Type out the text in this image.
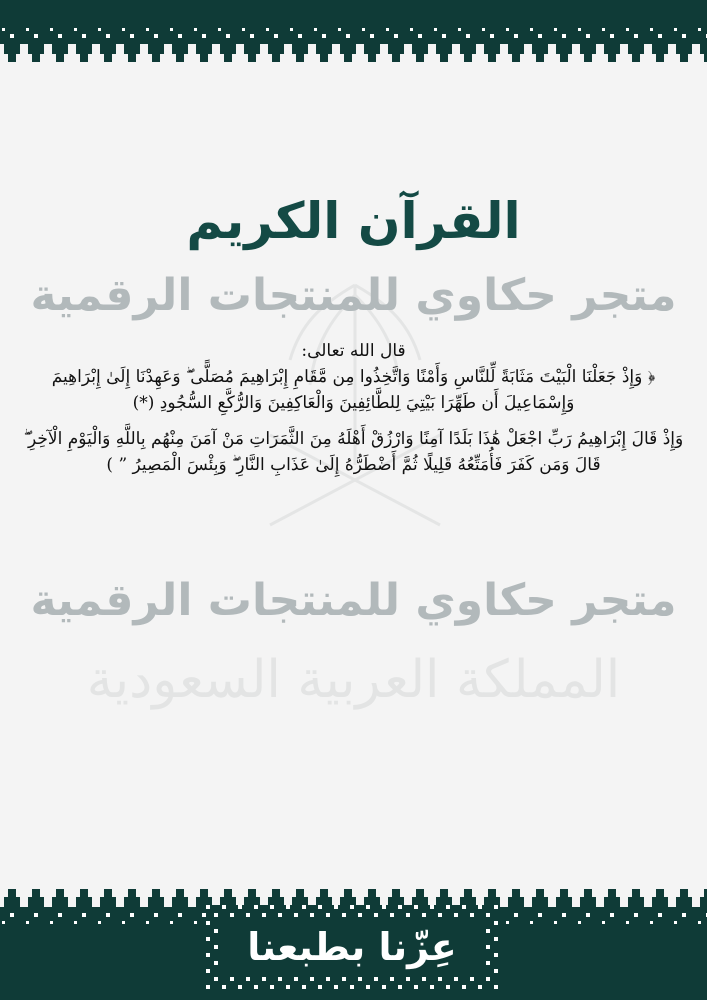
القرآن الكريم
متجر حكاوي للمنتجات الرقمية
متجر حكاوي للمنتجات الرقمية
المملكة العربية السعودية

قال الله تعالى:

﴿ وَإِذْ جَعَلْنَا الْبَيْتَ مَثَابَةً لِّلنَّاسِ وَأَمْنًا وَاتَّخِذُوا مِن مَّقَامِ إِبْرَاهِيمَ مُصَلًّى ۖ وَعَهِدْنَا إِلَىٰ إِبْرَاهِيمَ وَإِسْمَاعِيلَ أَن طَهِّرَا بَيْتِيَ لِلطَّائِفِينَ وَالْعَاكِفِينَ وَالرُّكَّعِ السُّجُودِ (*)

وَإِذْ قَالَ إِبْرَاهِيمُ رَبِّ اجْعَلْ هَٰذَا بَلَدًا آمِنًا وَارْزُقْ أَهْلَهُ مِنَ الثَّمَرَاتِ مَنْ آمَنَ مِنْهُم بِاللَّهِ وَالْيَوْمِ الْآخِرِ ۖ قَالَ وَمَن كَفَرَ فَأُمَتِّعُهُ قَلِيلًا ثُمَّ أَضْطَرُّهُ إِلَىٰ عَذَابِ النَّارِ ۖ وَبِئْسَ الْمَصِيرُ ” )

عِزّنا بطبعنا
